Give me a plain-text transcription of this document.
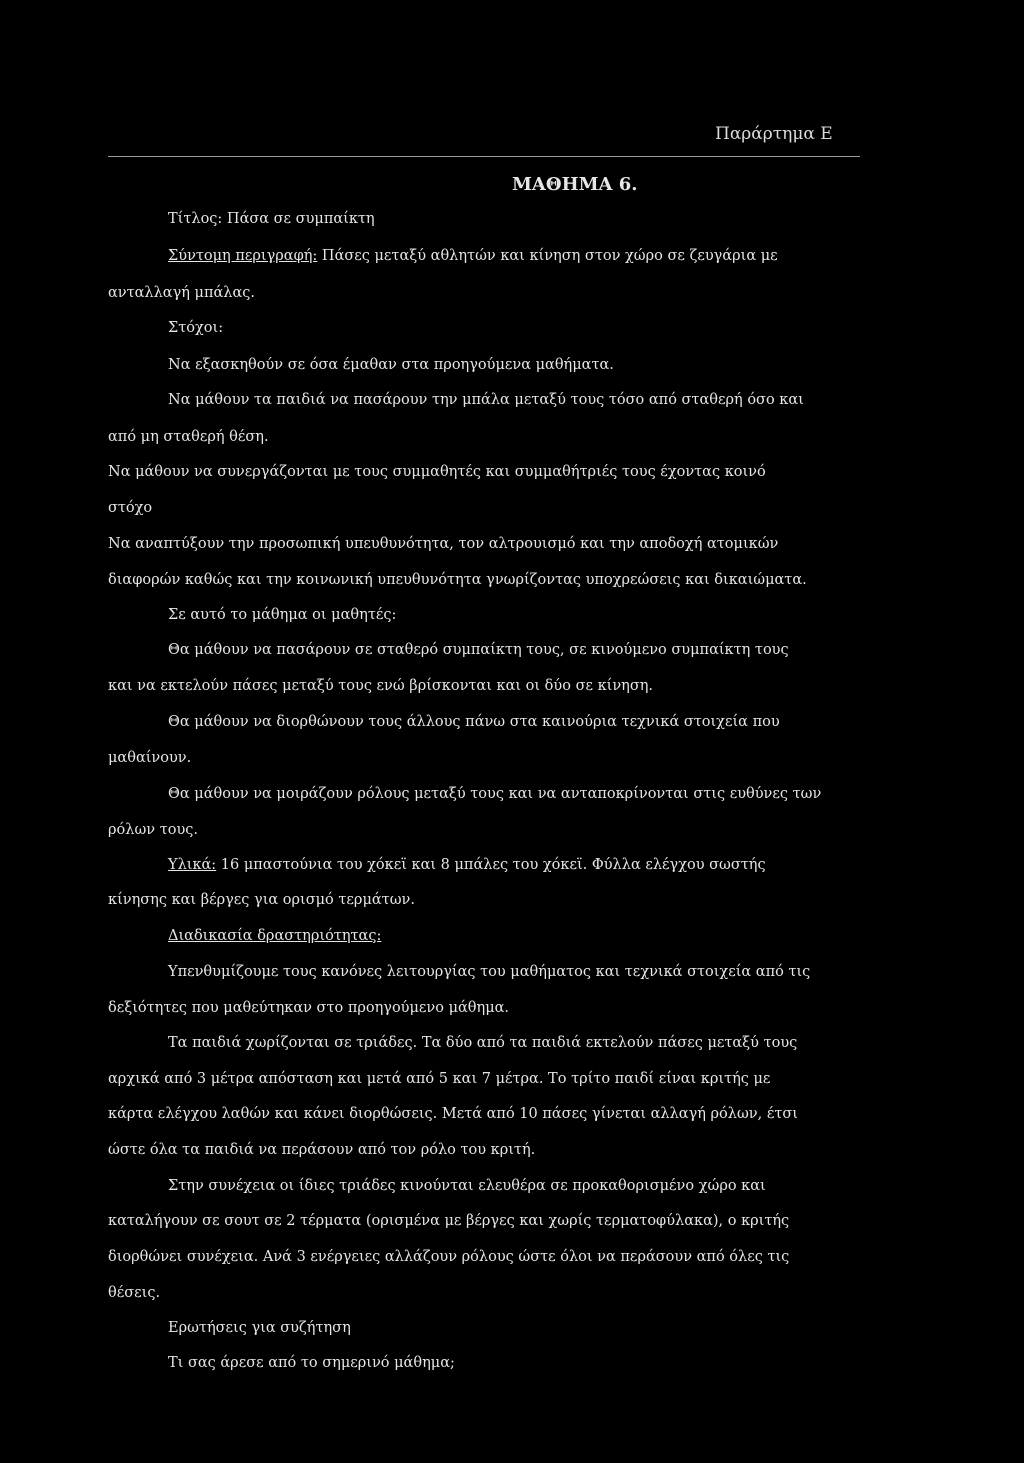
Παράρτημα Ε
ΜΑΘΗΜΑ 6.
Τίτλος: Πάσα σε συμπαίκτη
Σύντομη περιγραφή: Πάσες μεταξύ αθλητών και κίνηση στον χώρο σε ζευγάρια με
ανταλλαγή μπάλας.
Στόχοι:
Να εξασκηθούν σε όσα έμαθαν στα προηγούμενα μαθήματα.
Να μάθουν τα παιδιά να πασάρουν την μπάλα μεταξύ τους τόσο από σταθερή όσο και
από μη σταθερή θέση.
Να μάθουν να συνεργάζονται με τους συμμαθητές και συμμαθήτριές τους έχοντας κοινό
στόχο
Να αναπτύξουν την προσωπική υπευθυνότητα, τον αλτρουισμό και την αποδοχή ατομικών
διαφορών καθώς και την κοινωνική υπευθυνότητα γνωρίζοντας υποχρεώσεις και δικαιώματα.
Σε αυτό το μάθημα οι μαθητές:
Θα μάθουν να πασάρουν σε σταθερό συμπαίκτη τους, σε κινούμενο συμπαίκτη τους
και να εκτελούν πάσες μεταξύ τους ενώ βρίσκονται και οι δύο σε κίνηση.
Θα μάθουν να διορθώνουν τους άλλους πάνω στα καινούρια τεχνικά στοιχεία που
μαθαίνουν.
Θα μάθουν να μοιράζουν ρόλους μεταξύ τους και να ανταποκρίνονται στις ευθύνες των
ρόλων τους.
Υλικά: 16 μπαστούνια του χόκεϊ και 8 μπάλες του χόκεϊ. Φύλλα ελέγχου σωστής
κίνησης και βέργες για ορισμό τερμάτων.
Διαδικασία δραστηριότητας:
Υπενθυμίζουμε τους κανόνες λειτουργίας του μαθήματος και τεχνικά στοιχεία από τις
δεξιότητες που μαθεύτηκαν στο προηγούμενο μάθημα.
Τα παιδιά χωρίζονται σε τριάδες. Τα δύο από τα παιδιά εκτελούν πάσες μεταξύ τους
αρχικά από 3 μέτρα απόσταση και μετά από 5 και 7 μέτρα. Το τρίτο παιδί είναι κριτής με
κάρτα ελέγχου λαθών και κάνει διορθώσεις. Μετά από 10 πάσες γίνεται αλλαγή ρόλων, έτσι
ώστε όλα τα παιδιά να περάσουν από τον ρόλο του κριτή.
Στην συνέχεια οι ίδιες τριάδες κινούνται ελευθέρα σε προκαθορισμένο χώρο και
καταλήγουν σε σουτ σε 2 τέρματα (ορισμένα με βέργες και χωρίς τερματοφύλακα), ο κριτής
διορθώνει συνέχεια. Ανά 3 ενέργειες αλλάζουν ρόλους ώστε όλοι να περάσουν από όλες τις
θέσεις.
Ερωτήσεις για συζήτηση
Τι σας άρεσε από το σημερινό μάθημα;
